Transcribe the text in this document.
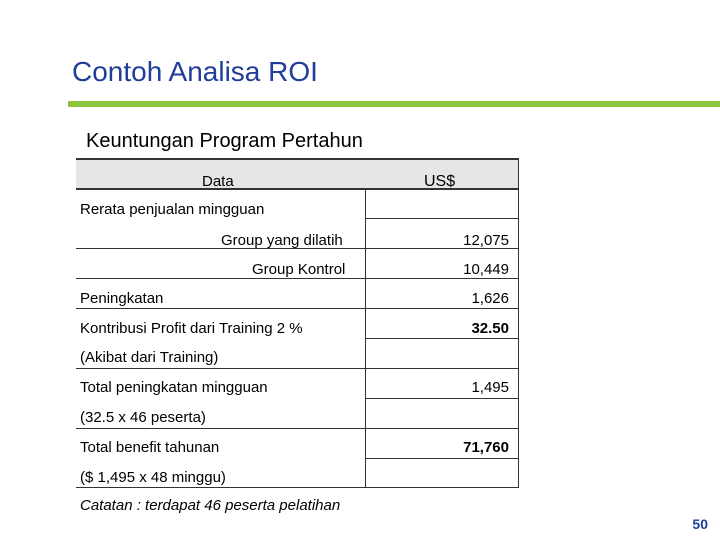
Contoh Analisa ROI
Keuntungan Program Pertahun
Data	US$
Rerata penjualan mingguan
Group yang dilatih
Group Kontrol
Peningkatan
Kontribusi Profit dari Training 2 %
(Akibat dari Training)
Total peningkatan mingguan
(32.5 x 46 peserta)
Total benefit tahunan
($ 1,495 x 48 minggu)
12,075
10,449
1,626
32.50
1,495
71,760
Catatan : terdapat 46 peserta pelatihan
50
